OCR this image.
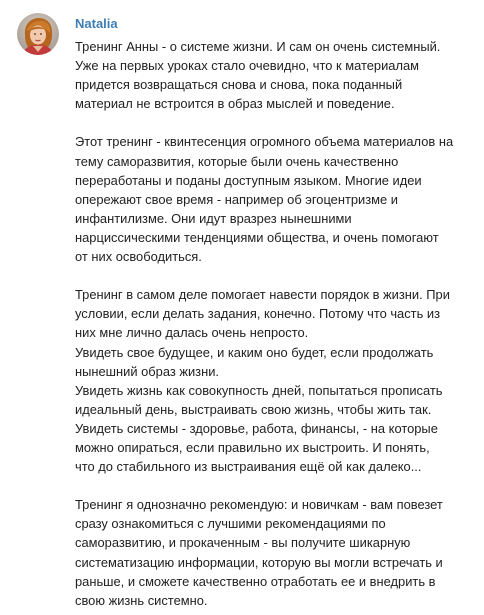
Natalia

Тренинг Анны - о системе жизни. И сам он очень системный.
Уже на первых уроках стало очевидно, что к материалам
придется возвращаться снова и снова, пока поданный
материал не встроится в образ мыслей и поведение.

Этот тренинг - квинтесенция огромного объема материалов на
тему саморазвития, которые были очень качественно
переработаны и поданы доступным языком. Многие идеи
опережают свое время - например об эгоцентризме и
инфантилизме. Они идут вразрез нынешними
нарциссическими тенденциями общества, и очень помогают
от них освободиться.

Тренинг в самом деле помогает навести порядок в жизни. При
условии, если делать задания, конечно. Потому что часть из
них мне лично далась очень непросто.
Увидеть свое будущее, и каким оно будет, если продолжать
нынешний образ жизни.
Увидеть жизнь как совокупность дней, попытаться прописать
идеальный день, выстраивать свою жизнь, чтобы жить так.
Увидеть системы - здоровье, работа, финансы, - на которые
можно опираться, если правильно их выстроить. И понять,
что до стабильного из выстраивания ещё ой как далеко...

Тренинг я однозначно рекомендую: и новичкам - вам повезет
сразу ознакомиться с лучшими рекомендациями по
саморазвитию, и прокаченным - вы получите шикарную
систематизацию информации, которую вы могли встречать и
раньше, и сможете качественно отработать ее и внедрить в
свою жизнь системно.
